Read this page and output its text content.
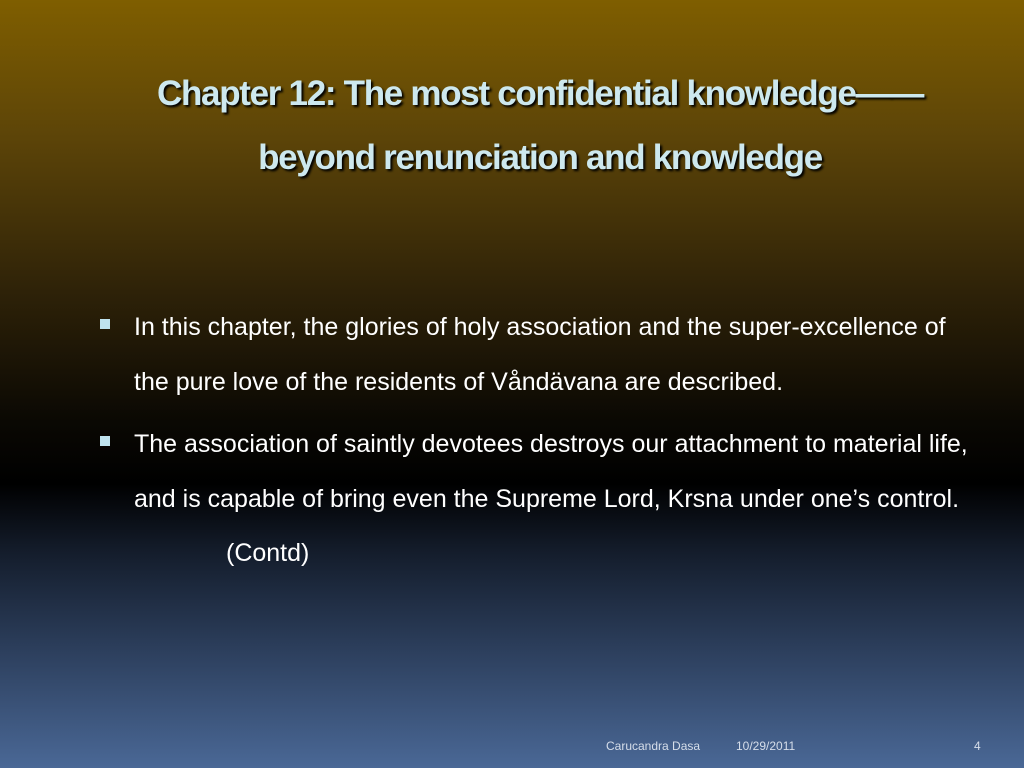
Chapter 12: The most confidential knowledge——
beyond renunciation and knowledge
In this chapter, the glories of holy association and the super-excellence of the pure love of the residents of Våndävana are described.
The association of saintly devotees destroys our attachment to material life, and is capable of bring even the Supreme Lord, Krsna under one’s control.(Contd)
Carucandra Dasa	10/29/2011	4
